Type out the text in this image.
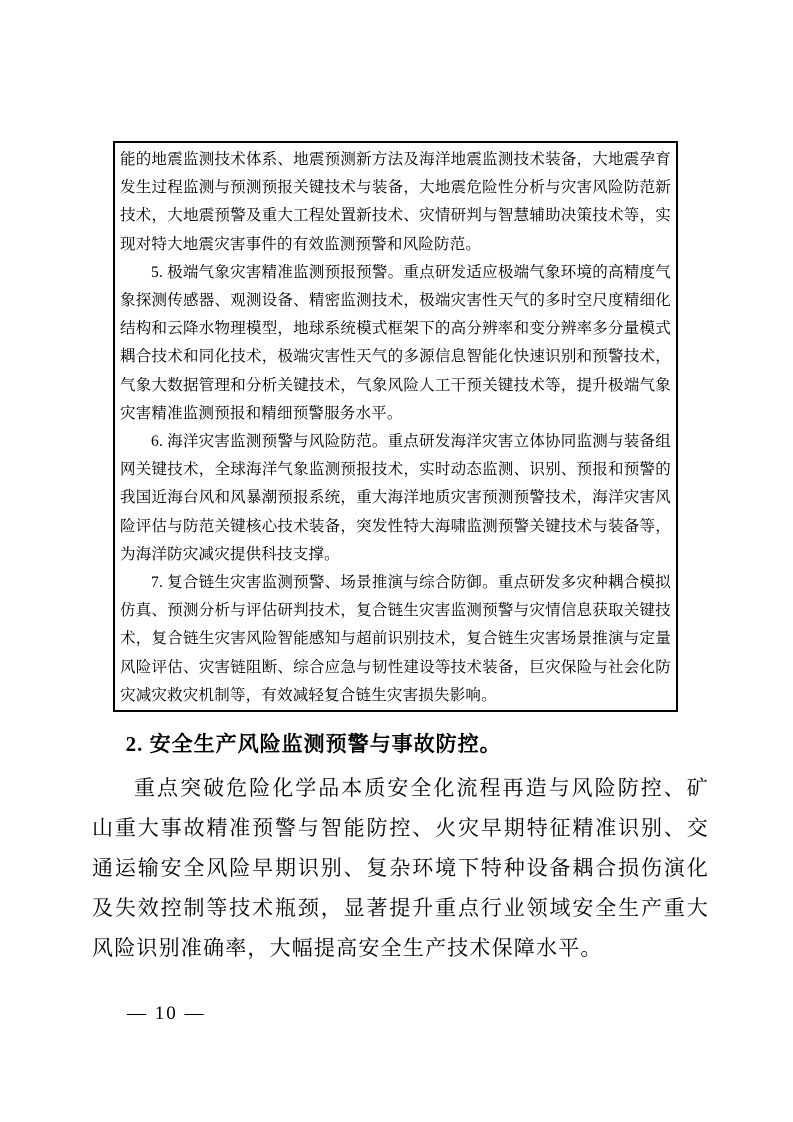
能的地震监测技术体系、地震预测新方法及海洋地震监测技术装备，大地震孕育发生过程监测与预测预报关键技术与装备，大地震危险性分析与灾害风险防范新技术，大地震预警及重大工程处置新技术、灾情研判与智慧辅助决策技术等，实现对特大地震灾害事件的有效监测预警和风险防范。

5. 极端气象灾害精准监测预报预警。重点研发适应极端气象环境的高精度气象探测传感器、观测设备、精密监测技术，极端灾害性天气的多时空尺度精细化结构和云降水物理模型，地球系统模式框架下的高分辨率和变分辨率多分量模式耦合技术和同化技术，极端灾害性天气的多源信息智能化快速识别和预警技术，气象大数据管理和分析关键技术，气象风险人工干预关键技术等，提升极端气象灾害精准监测预报和精细预警服务水平。

6. 海洋灾害监测预警与风险防范。重点研发海洋灾害立体协同监测与装备组网关键技术，全球海洋气象监测预报技术，实时动态监测、识别、预报和预警的我国近海台风和风暴潮预报系统，重大海洋地质灾害预测预警技术，海洋灾害风险评估与防范关键核心技术装备，突发性特大海啸监测预警关键技术与装备等，为海洋防灾减灾提供科技支撑。

7. 复合链生灾害监测预警、场景推演与综合防御。重点研发多灾种耦合模拟仿真、预测分析与评估研判技术，复合链生灾害监测预警与灾情信息获取关键技术，复合链生灾害风险智能感知与超前识别技术，复合链生灾害场景推演与定量风险评估、灾害链阻断、综合应急与韧性建设等技术装备，巨灾保险与社会化防灾减灾救灾机制等，有效减轻复合链生灾害损失影响。

2. 安全生产风险监测预警与事故防控。

重点突破危险化学品本质安全化流程再造与风险防控、矿山重大事故精准预警与智能防控、火灾早期特征精准识别、交通运输安全风险早期识别、复杂环境下特种设备耦合损伤演化及失效控制等技术瓶颈，显著提升重点行业领域安全生产重大风险识别准确率，大幅提高安全生产技术保障水平。

— 10 —
